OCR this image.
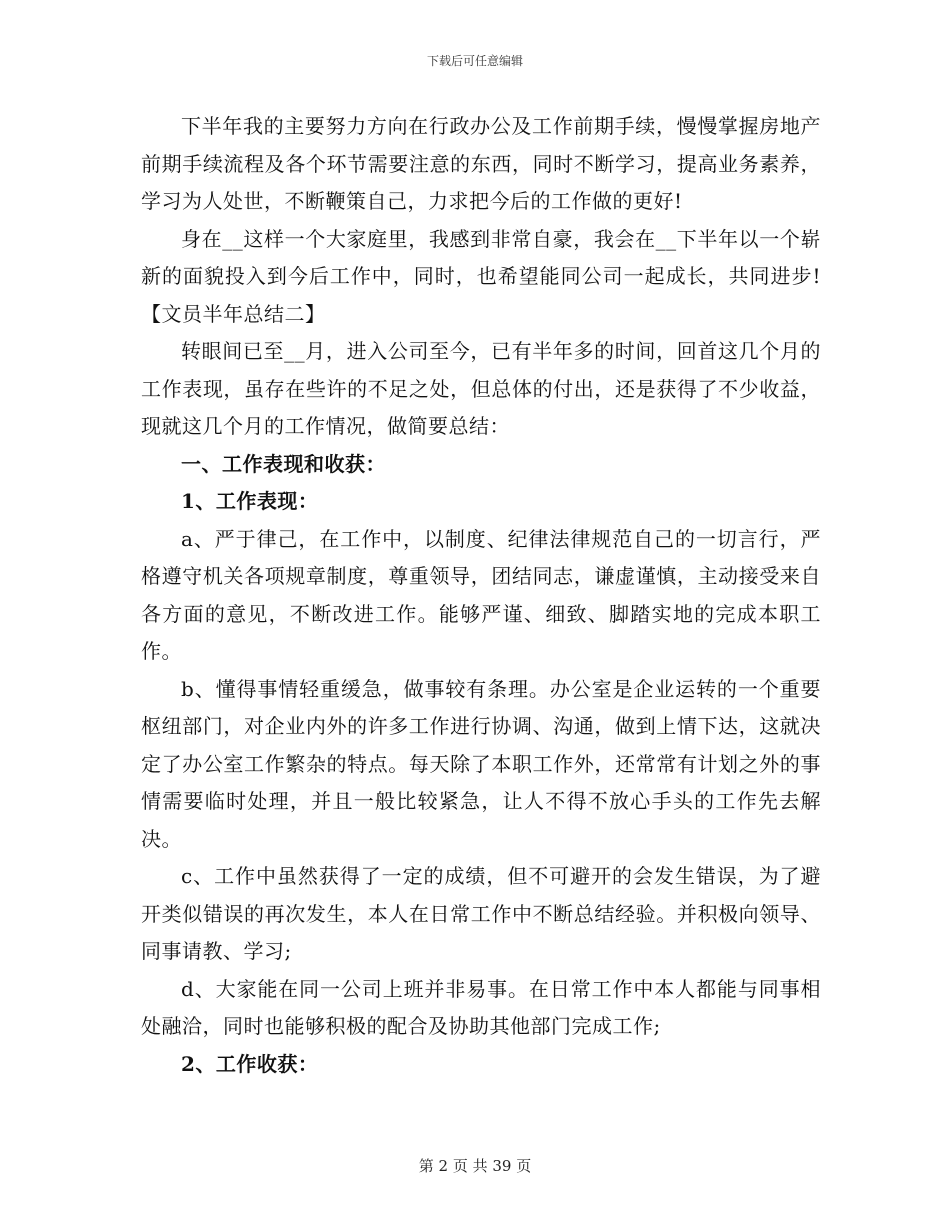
下载后可任意编辑

下半年我的主要努力方向在行政办公及工作前期手续，慢慢掌握房地产前期手续流程及各个环节需要注意的东西，同时不断学习，提高业务素养，学习为人处世，不断鞭策自己，力求把今后的工作做的更好!

身在__这样一个大家庭里，我感到非常自豪，我会在__下半年以一个崭新的面貌投入到今后工作中，同时，也希望能同公司一起成长，共同进步!【文员半年总结二】

转眼间已至__月，进入公司至今，已有半年多的时间，回首这几个月的工作表现，虽存在些许的不足之处，但总体的付出，还是获得了不少收益，现就这几个月的工作情况，做简要总结：

一、工作表现和收获：

1、工作表现：

a、严于律己，在工作中，以制度、纪律法律规范自己的一切言行，严格遵守机关各项规章制度，尊重领导，团结同志，谦虚谨慎，主动接受来自各方面的意见，不断改进工作。能够严谨、细致、脚踏实地的完成本职工作。

b、懂得事情轻重缓急，做事较有条理。办公室是企业运转的一个重要枢纽部门，对企业内外的许多工作进行协调、沟通，做到上情下达，这就决定了办公室工作繁杂的特点。每天除了本职工作外，还常常有计划之外的事情需要临时处理，并且一般比较紧急，让人不得不放心手头的工作先去解决。

c、工作中虽然获得了一定的成绩，但不可避开的会发生错误，为了避开类似错误的再次发生，本人在日常工作中不断总结经验。并积极向领导、同事请教、学习;

d、大家能在同一公司上班并非易事。在日常工作中本人都能与同事相处融洽，同时也能够积极的配合及协助其他部门完成工作;

2、工作收获：

第 2 页 共 39 页
